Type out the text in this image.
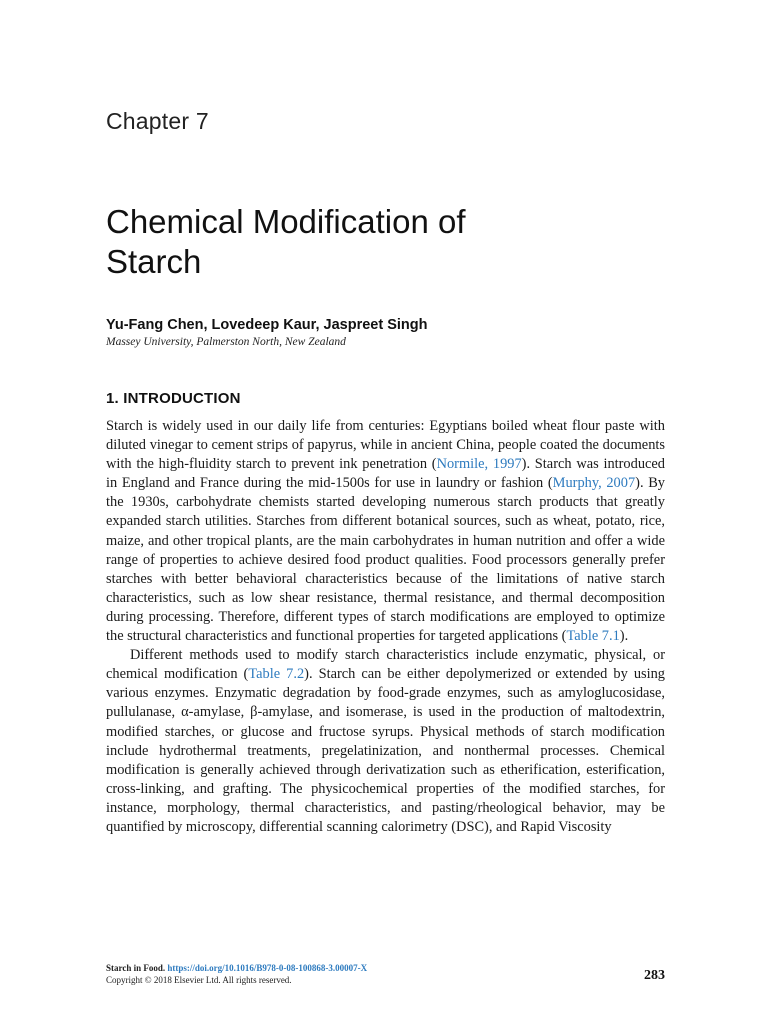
Chapter 7
Chemical Modification of
Starch
Yu-Fang Chen, Lovedeep Kaur, Jaspreet Singh
Massey University, Palmerston North, New Zealand
1. INTRODUCTION

Starch is widely used in our daily life from centuries: Egyptians boiled wheat flour paste with diluted vinegar to cement strips of papyrus, while in ancient China, people coated the documents with the high-fluidity starch to prevent ink penetration (Normile, 1997). Starch was introduced in England and France during the mid-1500s for use in laundry or fashion (Murphy, 2007). By the 1930s, carbohydrate chemists started developing numerous starch products that greatly expanded starch utilities. Starches from different botanical sources, such as wheat, potato, rice, maize, and other tropical plants, are the main carbohydrates in human nutrition and offer a wide range of properties to achieve desired food product qualities. Food processors generally prefer starches with better behavioral characteristics because of the limitations of native starch characteristics, such as low shear resistance, thermal resistance, and thermal decomposition during processing. Therefore, different types of starch modifications are employed to optimize the structural characteristics and functional properties for targeted applications (Table 7.1).

Different methods used to modify starch characteristics include enzymatic, physical, or chemical modification (Table 7.2). Starch can be either depolymerized or extended by using various enzymes. Enzymatic degradation by food-grade enzymes, such as amyloglucosidase, pullulanase, α-amylase, β-amylase, and isomerase, is used in the production of maltodextrin, modified starches, or glucose and fructose syrups. Physical methods of starch modification include hydrothermal treatments, pregelatinization, and nonthermal processes. Chemical modification is generally achieved through derivatization such as etherification, esterification, cross-linking, and grafting. The physicochemical properties of the modified starches, for instance, morphology, thermal characteristics, and pasting/rheological behavior, may be quantified by microscopy, differential scanning calorimetry (DSC), and Rapid Viscosity

Starch in Food. https://doi.org/10.1016/B978-0-08-100868-3.00007-X
Copyright © 2018 Elsevier Ltd. All rights reserved.	283
